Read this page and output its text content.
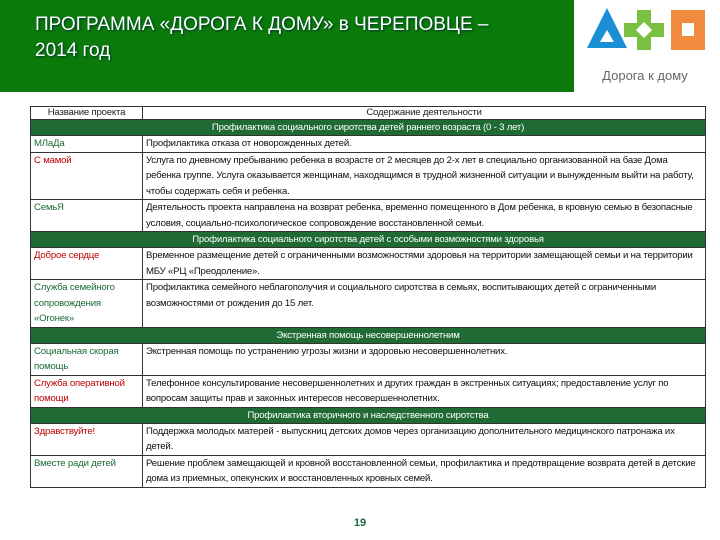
ПРОГРАММА «ДОРОГА К ДОМУ» в ЧЕРЕПОВЦЕ –
2014 год
Дорога к дому
Название проекта	Содержание деятельности
Профилактика социального сиротства детей раннего возраста (0 - 3 лет)	
МЛаДа	Профилактика отказа от новорожденных детей.
С мамой	Услуга по дневному пребыванию ребенка в возрасте от 2 месяцев до 2-х лет в специально организованной на базе Дома ребенка группе. Услуга оказывается женщинам, находящимся в трудной жизненной ситуации и вынужденным выйти на работу, чтобы содержать себя и ребенка.
СемьЯ	Деятельность проекта направлена на возврат ребенка, временно помещенного в Дом ребенка, в кровную семью в безопасные условия, социально-психологическое сопровождение восстановленной семьи.
Профилактика социального сиротства детей с особыми возможностями здоровья	
Доброе сердце	Временное размещение детей с ограниченными возможностями здоровья на территории замещающей семьи и на территории МБУ «РЦ «Преодоление».
Служба семейного сопровождения «Огонек»	Профилактика семейного неблагополучия и социального сиротства в семьях, воспитывающих детей с ограниченными возможностями от рождения до 15 лет.
Экстренная помощь несовершеннолетним	
Социальная скорая помощь	Экстренная помощь по устранению угрозы жизни и здоровью несовершеннолетних.
Служба оперативной помощи	Телефонное консультирование несовершеннолетних и других граждан в экстренных ситуациях; предоставление услуг по вопросам защиты прав и законных интересов несовершеннолетних.
Профилактика вторичного и наследственного сиротства	
Здравствуйте!	Поддержка молодых матерей - выпускниц детских домов через организацию дополнительного медицинского патронажа их детей.
Вместе ради детей	Решение проблем замещающей и кровной восстановленной семьи, профилактика и предотвращение возврата детей в детские дома из приемных, опекунских и восстановленных кровных семей.
19
